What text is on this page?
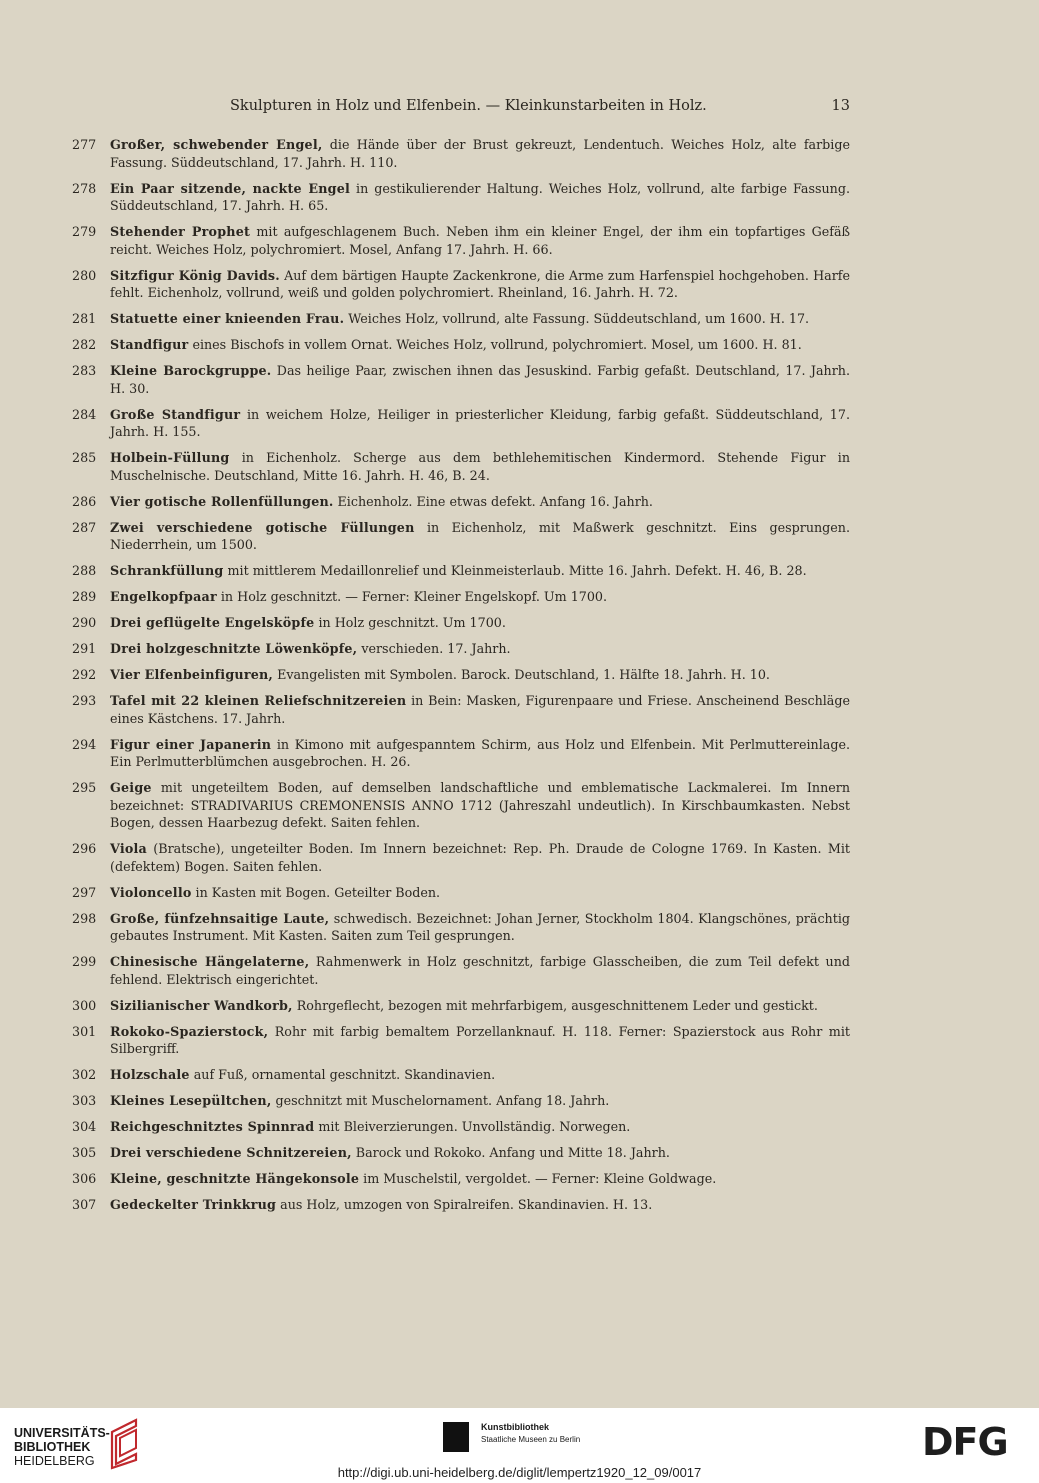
Skulpturen in Holz und Elfenbein. — Kleinkunstarbeiten in Holz.	13
277	Großer, schwebender Engel, die Hände über der Brust gekreuzt, Lendentuch. Weiches Holz, alte farbige Fassung. Süddeutschland, 17. Jahrh. H. 110.
278	Ein Paar sitzende, nackte Engel in gestikulierender Haltung. Weiches Holz, vollrund, alte farbige Fassung. Süddeutschland, 17. Jahrh. H. 65.
279	Stehender Prophet mit aufgeschlagenem Buch. Neben ihm ein kleiner Engel, der ihm ein topfartiges Gefäß reicht. Weiches Holz, polychromiert. Mosel, Anfang 17. Jahrh. H. 66.
280	Sitzfigur König Davids. Auf dem bärtigen Haupte Zackenkrone, die Arme zum Harfenspiel hochgehoben. Harfe fehlt. Eichenholz, vollrund, weiß und golden polychromiert. Rheinland, 16. Jahrh. H. 72.
281	Statuette einer knieenden Frau. Weiches Holz, vollrund, alte Fassung. Süddeutschland, um 1600. H. 17.
282	Standfigur eines Bischofs in vollem Ornat. Weiches Holz, vollrund, polychromiert. Mosel, um 1600. H. 81.
283	Kleine Barockgruppe. Das heilige Paar, zwischen ihnen das Jesuskind. Farbig gefaßt. Deutschland, 17. Jahrh. H. 30.
284	Große Standfigur in weichem Holze, Heiliger in priesterlicher Kleidung, farbig gefaßt. Süddeutschland, 17. Jahrh. H. 155.
285	Holbein-Füllung in Eichenholz. Scherge aus dem bethlehemitischen Kindermord. Stehende Figur in Muschelnische. Deutschland, Mitte 16. Jahrh. H. 46, B. 24.
286	Vier gotische Rollenfüllungen. Eichenholz. Eine etwas defekt. Anfang 16. Jahrh.
287	Zwei verschiedene gotische Füllungen in Eichenholz, mit Maßwerk geschnitzt. Eins gesprungen. Niederrhein, um 1500.
288	Schrankfüllung mit mittlerem Medaillonrelief und Kleinmeisterlaub. Mitte 16. Jahrh. Defekt. H. 46, B. 28.
289	Engelkopfpaar in Holz geschnitzt. — Ferner: Kleiner Engelskopf. Um 1700.
290	Drei geflügelte Engelsköpfe in Holz geschnitzt. Um 1700.
291	Drei holzgeschnitzte Löwenköpfe, verschieden. 17. Jahrh.
292	Vier Elfenbeinfiguren, Evangelisten mit Symbolen. Barock. Deutschland, 1. Hälfte 18. Jahrh. H. 10.
293	Tafel mit 22 kleinen Reliefschnitzereien in Bein: Masken, Figurenpaare und Friese. Anscheinend Beschläge eines Kästchens. 17. Jahrh.
294	Figur einer Japanerin in Kimono mit aufgespanntem Schirm, aus Holz und Elfenbein. Mit Perlmuttereinlage. Ein Perlmutterblümchen ausgebrochen. H. 26.
295	Geige mit ungeteiltem Boden, auf demselben landschaftliche und emblematische Lackmalerei. Im Innern bezeichnet: STRADIVARIUS CREMONENSIS ANNO 1712 (Jahreszahl undeutlich). In Kirschbaumkasten. Nebst Bogen, dessen Haarbezug defekt. Saiten fehlen.
296	Viola (Bratsche), ungeteilter Boden. Im Innern bezeichnet: Rep. Ph. Draude de Cologne 1769. In Kasten. Mit (defektem) Bogen. Saiten fehlen.
297	Violoncello in Kasten mit Bogen. Geteilter Boden.
298	Große, fünfzehnsaitige Laute, schwedisch. Bezeichnet: Johan Jerner, Stockholm 1804. Klangschönes, prächtig gebautes Instrument. Mit Kasten. Saiten zum Teil gesprungen.
299	Chinesische Hängelaterne, Rahmenwerk in Holz geschnitzt, farbige Glasscheiben, die zum Teil defekt und fehlend. Elektrisch eingerichtet.
300	Sizilianischer Wandkorb, Rohrgeflecht, bezogen mit mehrfarbigem, ausgeschnittenem Leder und gestickt.
301	Rokoko-Spazierstock, Rohr mit farbig bemaltem Porzellanknauf. H. 118. Ferner: Spazierstock aus Rohr mit Silbergriff.
302	Holzschale auf Fuß, ornamental geschnitzt. Skandinavien.
303	Kleines Lesepültchen, geschnitzt mit Muschelornament. Anfang 18. Jahrh.
304	Reichgeschnitztes Spinnrad mit Bleiverzierungen. Unvollständig. Norwegen.
305	Drei verschiedene Schnitzereien, Barock und Rokoko. Anfang und Mitte 18. Jahrh.
306	Kleine, geschnitzte Hängekonsole im Muschelstil, vergoldet. — Ferner: Kleine Goldwage.
307	Gedeckelter Trinkkrug aus Holz, umzogen von Spiralreifen. Skandinavien. H. 13.
UNIVERSITÄTS-
BIBLIOTHEK
HEIDELBERG
Kunstbibliothek
Staatliche Museen zu Berlin	DFG
http://digi.ub.uni-heidelberg.de/diglit/lempertz1920_12_09/0017
